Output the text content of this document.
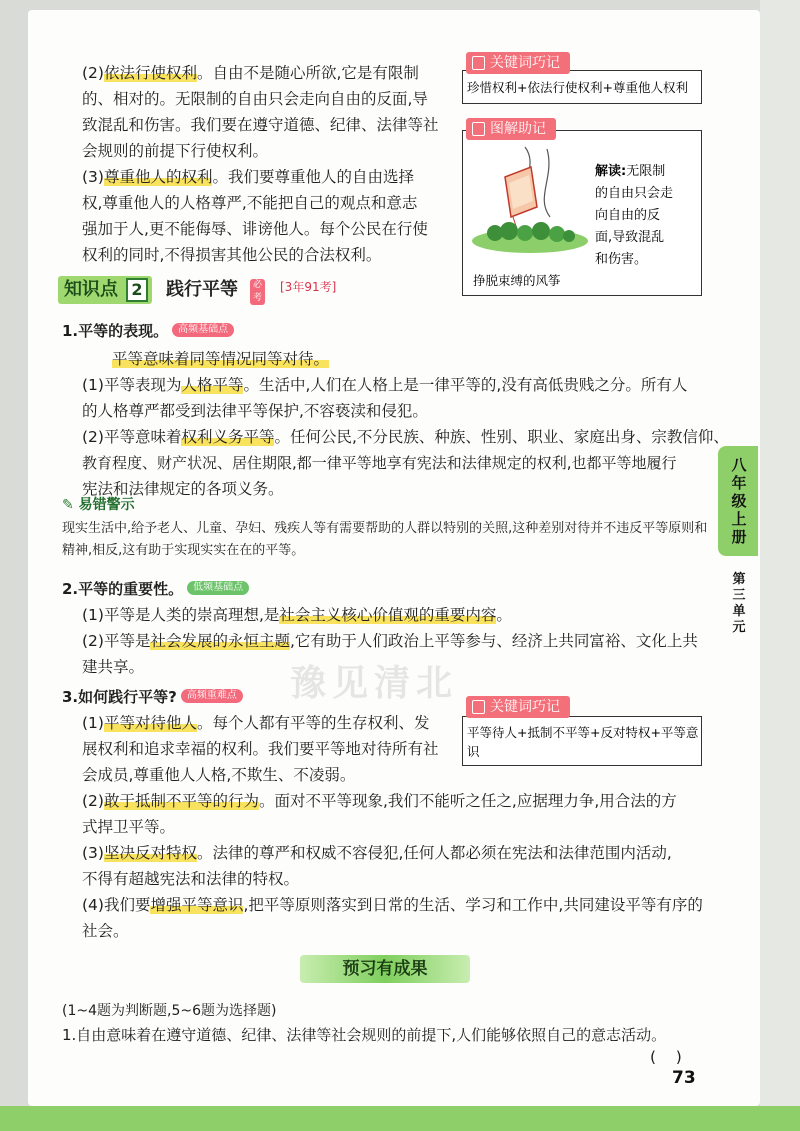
(2)依法行使权利。自由不是随心所欲,它是有限制
的、相对的。无限制的自由只会走向自由的反面,导
致混乱和伤害。我们要在遵守道德、纪律、法律等社
会规则的前提下行使权利。
(3)尊重他人的权利。我们要尊重他人的自由选择
权,尊重他人的人格尊严,不能把自己的观点和意志
强加于人,更不能侮辱、诽谤他人。每个公民在行使
权利的同时,不得损害其他公民的合法权利。
珍惜权利+依法行使权利+尊重他人权利
关键词巧记
挣脱束缚的风筝
解读:无限制
的自由只会走
向自由的反
面,导致混乱
和伤害。
图解助记
知识点 2	践行平等	必考
[3年91考]
1.平等的表现。 高频基础点
平等意味着同等情况同等对待。
(1)平等表现为人格平等。生活中,人们在人格上是一律平等的,没有高低贵贱之分。所有人
的人格尊严都受到法律平等保护,不容亵渎和侵犯。
(2)平等意味着权利义务平等。任何公民,不分民族、种族、性别、职业、家庭出身、宗教信仰、
教育程度、财产状况、居住期限,都一律平等地享有宪法和法律规定的权利,也都平等地履行
宪法和法律规定的各项义务。
✎ 易错警示
现实生活中,给予老人、儿童、孕妇、残疾人等有需要帮助的人群以特别的关照,这种差别对待并不违反平等原则和精神,相反,这有助于实现实实在在的平等。
2.平等的重要性。 低频基础点
(1)平等是人类的崇高理想,是社会主义核心价值观的重要内容。
(2)平等是社会发展的永恒主题,它有助于人们政治上平等参与、经济上共同富裕、文化上共
建共享。	豫见清北
3.如何践行平等? 高频重难点
(1)平等对待他人。每个人都有平等的生存权利、发
展权利和追求幸福的权利。我们要平等地对待所有社
会成员,尊重他人人格,不欺生、不凌弱。
(2)敢于抵制不平等的行为。面对不平等现象,我们不能听之任之,应据理力争,用合法的方
式捍卫平等。
(3)坚决反对特权。法律的尊严和权威不容侵犯,任何人都必须在宪法和法律范围内活动,
不得有超越宪法和法律的特权。
(4)我们要增强平等意识,把平等原则落实到日常的生活、学习和工作中,共同建设平等有序的
社会。
平等待人+抵制不平等+反对特权+平等意识
关键词巧记
八年级上册
第三单元
预习有成果
(1~4题为判断题,5~6题为选择题)
1.自由意味着在遵守道德、纪律、法律等社会规则的前提下,人们能够依照自己的意志活动。
(    )
73
